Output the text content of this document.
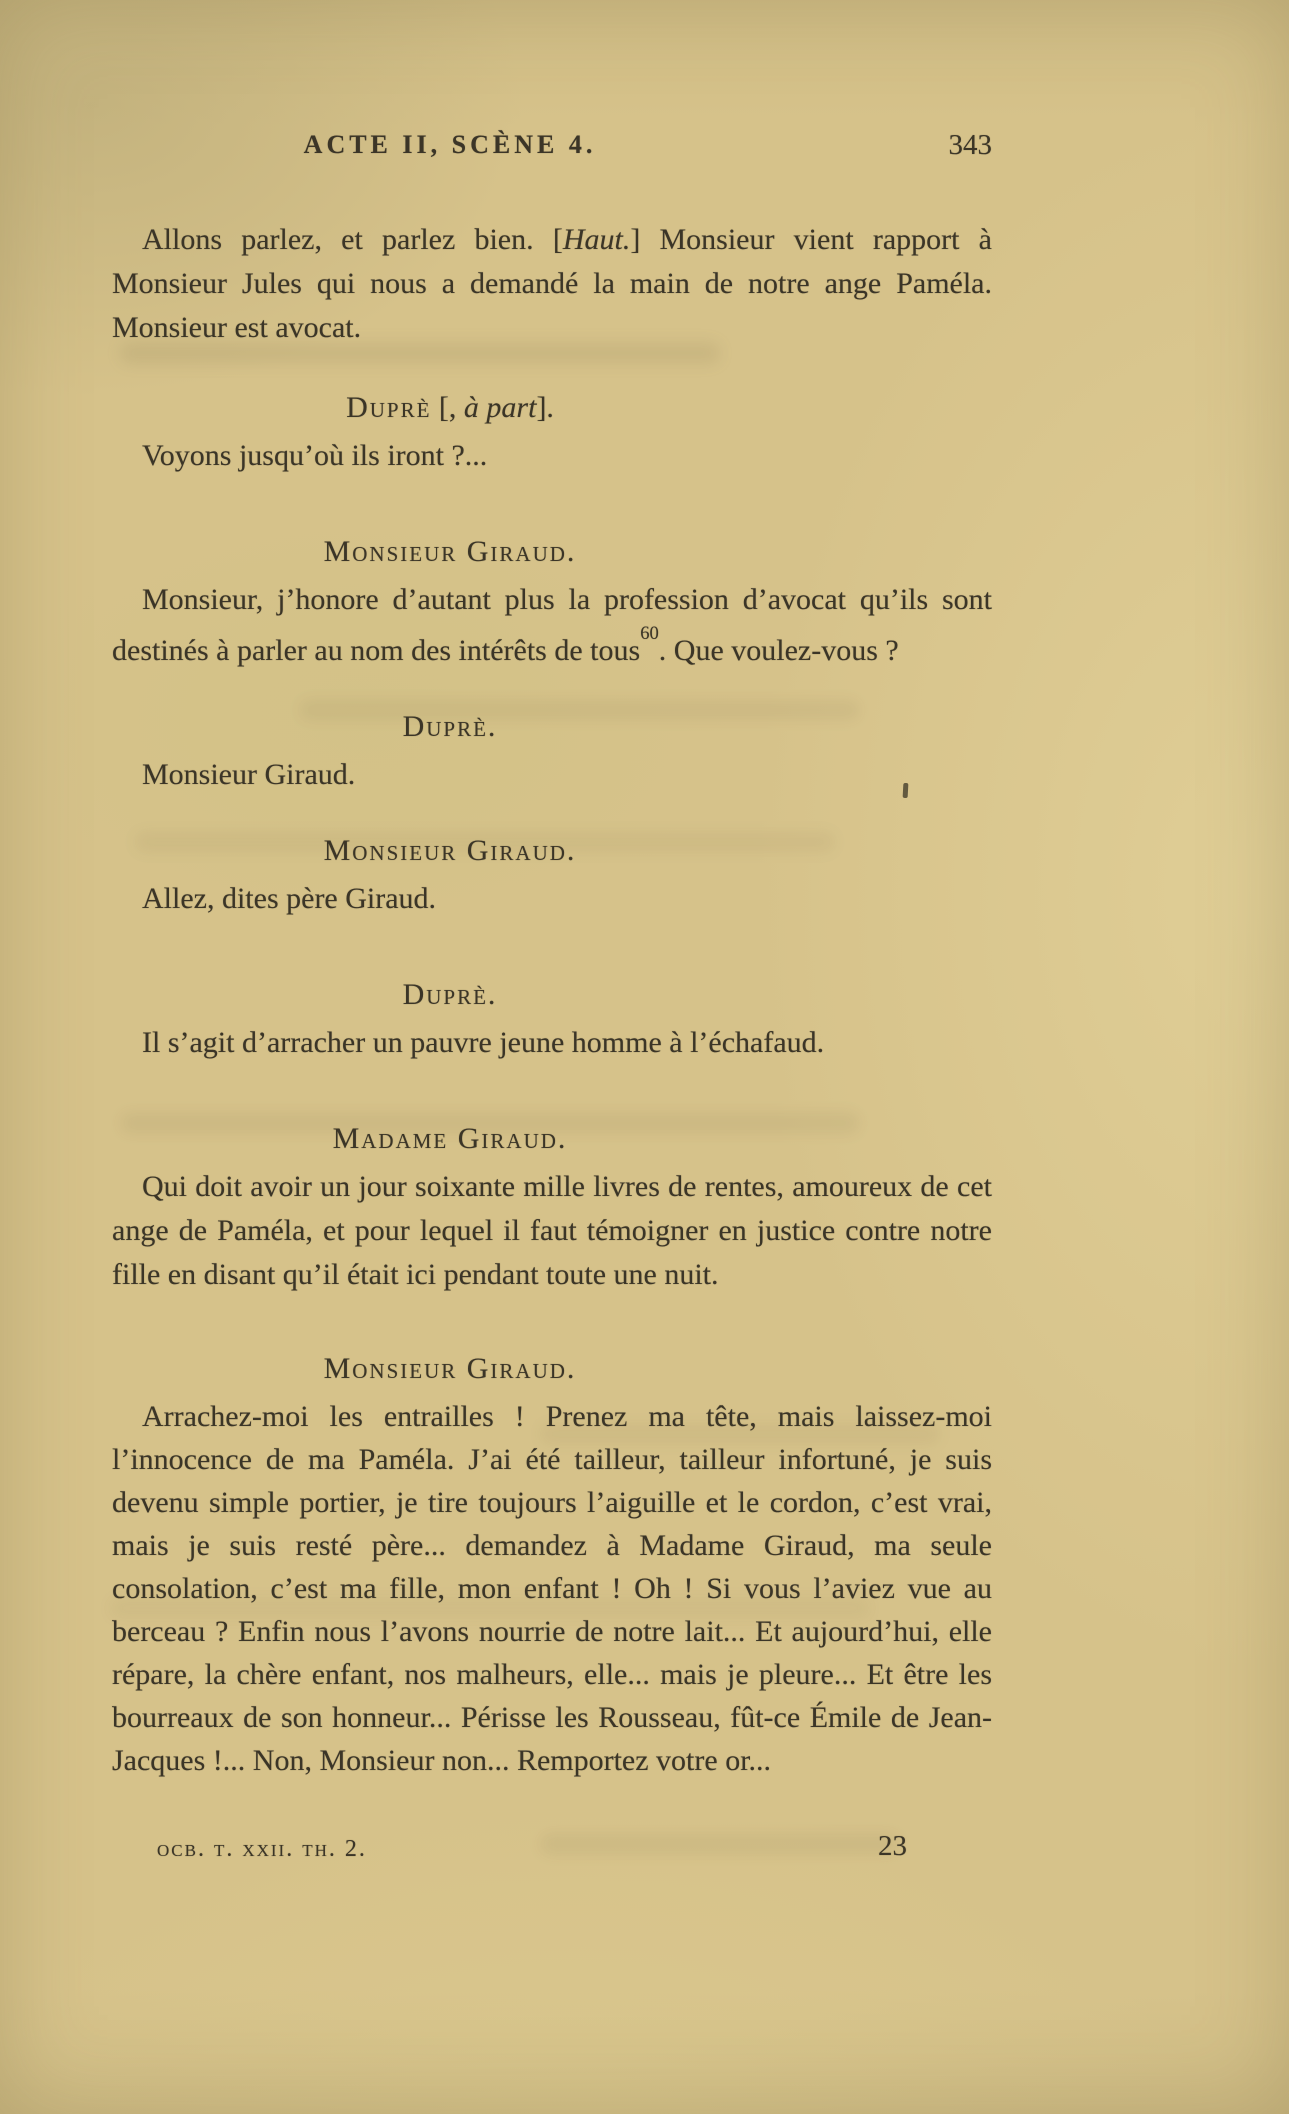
ACTE II, SCÈNE 4.	343

Allons parlez, et parlez bien. [Haut.] Monsieur vient rapport à Monsieur Jules qui nous a demandé la main de notre ange Paméla. Monsieur est avocat.

Duprè [, à part].

Voyons jusqu’où ils iront ?...

Monsieur Giraud.

Monsieur, j’honore d’autant plus la profession d’avocat qu’ils sont destinés à parler au nom des intérêts de tous$^{60}$. Que voulez-vous ?

Duprè.

Monsieur Giraud.

Monsieur Giraud.

Allez, dites père Giraud.

Duprè.

Il s’agit d’arracher un pauvre jeune homme à l’échafaud.

Madame Giraud.

Qui doit avoir un jour soixante mille livres de rentes, amoureux de cet ange de Paméla, et pour lequel il faut témoigner en justice contre notre fille en disant qu’il était ici pendant toute une nuit.

Monsieur Giraud.

Arrachez-moi les entrailles ! Prenez ma tête, mais laissez-moi l’innocence de ma Paméla. J’ai été tailleur, tailleur infortuné, je suis devenu simple portier, je tire toujours l’aiguille et le cordon, c’est vrai, mais je suis resté père... demandez à Madame Giraud, ma seule consolation, c’est ma fille, mon enfant ! Oh ! Si vous l’aviez vue au berceau ? Enfin nous l’avons nourrie de notre lait... Et aujourd’hui, elle répare, la chère enfant, nos malheurs, elle... mais je pleure... Et être les bourreaux de son honneur... Périsse les Rousseau, fût-ce Émile de Jean-Jacques !... Non, Monsieur non... Remportez votre or...

ocb. t. xxii. th. 2.	23
